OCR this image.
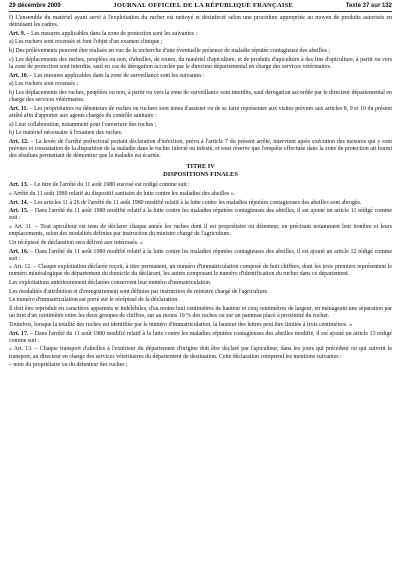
29 décembre 2009	JOURNAL OFFICIEL DE LA RÉPUBLIQUE FRANÇAISE	Texte 37 sur 132

f) L'ensemble du matériel ayant servi à l'exploitation du rucher est nettoyé et désinfecté selon une procédure appropriée au moyen de produits autorisés en détruisant les cadres.

Art. 9. – Les mesures applicables dans la zone de protection sont les suivantes :

a) Les ruchers sont recensés et font l'objet d'un examen clinique ;

b) Des prélèvements peuvent être réalisés en vue de la recherche d'une éventuelle présence de maladie réputée contagieuse des abeilles ;

c) Les déplacements des ruches, peuplées ou non, d'abeilles, de reines, du matériel d'apiculture, et de produits d'apiculture à des fins d'apiculture, à partir ou vers la zone de protection sont interdits, sauf en cas de dérogation accordée par le directeur départemental en charge des services vétérinaires.

Art. 10. – Les mesures applicables dans la zone de surveillance sont les suivantes :

a) Les ruchers sont recensés ;

b) Les déplacements des ruches, peuplées ou non, à partir ou vers la zone de surveillance sont interdits, sauf dérogation accordée par le directeur départemental en charge des services vétérinaires.

Art. 11. – Les propriétaires ou détenteurs de ruches ou ruchers sont tenus d'assister ou de se faire représenter aux visites prévues aux articles 8, 9 et 10 du présent arrêté afin d'apporter aux agents chargés du contrôle sanitaire :

a) Leur collaboration, notamment pour l'ouverture des ruches ;

b) Le matériel nécessaire à l'examen des ruches.

Art. 12. – La levée de l'arrêté préfectoral portant déclaration d'infection, prévu à l'article 7 du présent arrêté, intervient après exécution des mesures qui y sont prévues et constatation de la disparition de la maladie dans le rucher infecté ou infesté, et sous réserve que l'enquête effectuée dans la zone de protection ait fourni des résultats permettant de démontrer que la maladie est écartée.

TITRE IV
DISPOSITIONS FINALES

Art. 13. – Le titre de l'arrêté du 11 août 1980 susvisé est rédigé comme suit :

« Arrêté du 11 août 1980 relatif au dispositif sanitaire de lutte contre les maladies des abeilles ».

Art. 14. – Les articles 11 à 26 de l'arrêté du 11 août 1980 modifié relatif à la lutte contre les maladies réputées contagieuses des abeilles sont abrogés.

Art. 15. – Dans l'arrêté du 11 août 1980 modifié relatif à la lutte contre les maladies réputées contagieuses des abeilles, il est ajouté un article 11 rédigé comme suit :

« Art. 11. – Tout apiculteur est tenu de déclarer chaque année les ruches dont il est propriétaire ou détenteur, en précisant notamment leur nombre et leurs emplacements, selon des modalités définies par instruction du ministre chargé de l'agriculture.

Un récépissé de déclaration sera délivré aux intéressés. »

Art. 16. – Dans l'arrêté du 11 août 1980 modifié relatif à la lutte contre les maladies réputées contagieuses des abeilles, il est ajouté un article 12 rédigé comme suit :

« Art. 12. – Chaque exploitation déclarée reçoit, à titre permanent, un numéro d'immatriculation composé de huit chiffres, dont les trois premiers représentent le numéro minéralogique du département du domicile du déclarant, les autres composant le numéro d'identification du rucher dans ce département.

Les exploitations antérieurement déclarées conservent leur numéro d'immatriculation.

Les modalités d'attribution et d'enregistrement sont définies par instruction du ministre chargé de l'agriculture.

Le numéro d'immatriculation est porté sur le récépissé de la déclaration.

Il doit être reproduit en caractères apparents et indélébiles, d'au moins huit centimètres de hauteur et cinq centimètres de largeur, en ménageant une séparation par un tiret d'un centimètre entre les deux groupes de chiffres, sur au moins 10 % des ruches ou sur un panneau placé à proximité du rucher.

Toutefois, lorsque la totalité des ruches est identifiée par le numéro d'immatriculation, la hauteur des lettres peut être limitée à trois centimètres. »

Art. 17. – Dans l'arrêté du 11 août 1980 modifié relatif à la lutte contre les maladies réputées contagieuses des abeilles modifié, il est ajouté un article 13 rédigé comme suit :

« Art. 13. – Chaque transport d'abeilles à l'extérieur du département d'origine doit être déclaré par l'apiculteur, dans les jours qui précèdent ou qui suivent le transport, au directeur en charge des services vétérinaires du département de destination. Cette déclaration comprend les mentions suivantes :

– nom du propriétaire ou du détenteur des ruches ;
